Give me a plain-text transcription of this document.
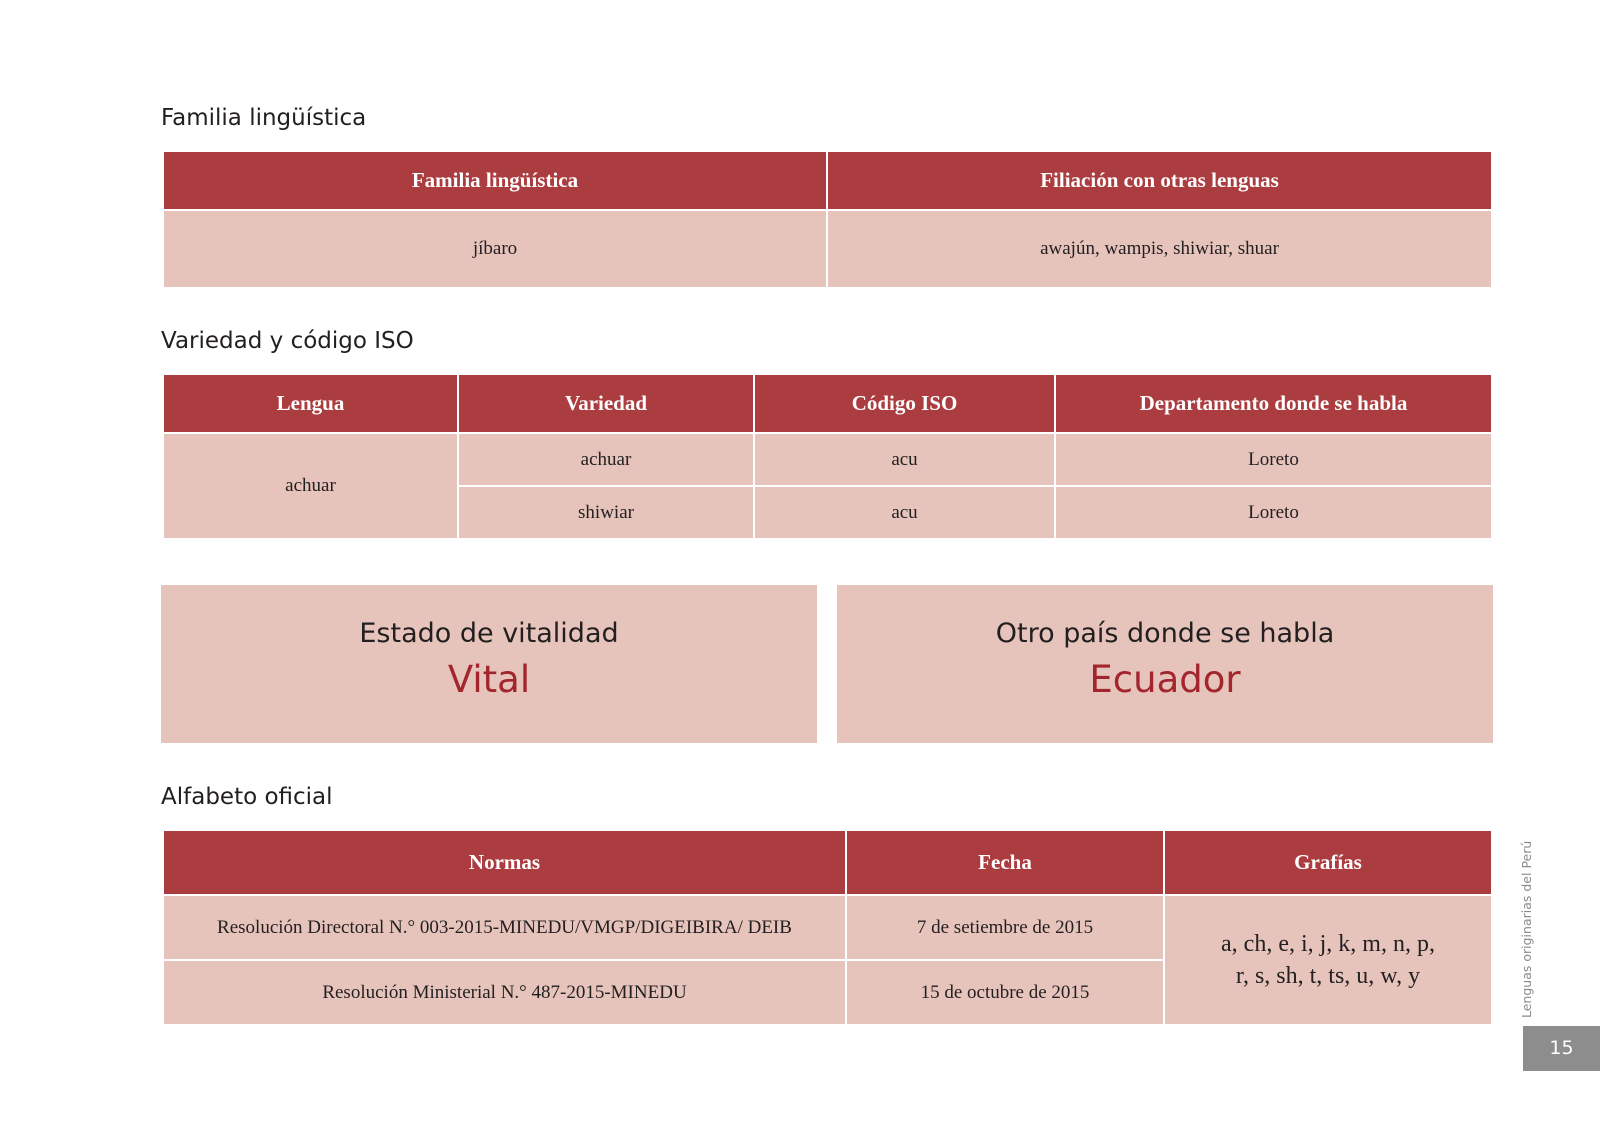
Familia lingüística
Familia lingüística	Filiación con otras lenguas
jíbaro	awajún, wampis, shiwiar, shuar
Variedad y código ISO
Lengua	Variedad	Código ISO	Departamento donde se habla
achuar	achuar	acu	Loreto
	shiwiar	acu	Loreto
Estado de vitalidad
Vital
Otro país donde se habla
Ecuador
Alfabeto oficial
Normas	Fecha	Grafías
Resolución Directoral N.° 003-2015-MINEDU/VMGP/DIGEIBIRA/ DEIB	7 de setiembre de 2015	a, ch, e, i, j, k, m, n, p,
r, s, sh, t, ts, u, w, y

Resolución Ministerial N.° 487-2015-MINEDU	15 de octubre de 2015		Lenguas originarias del Perú
15
